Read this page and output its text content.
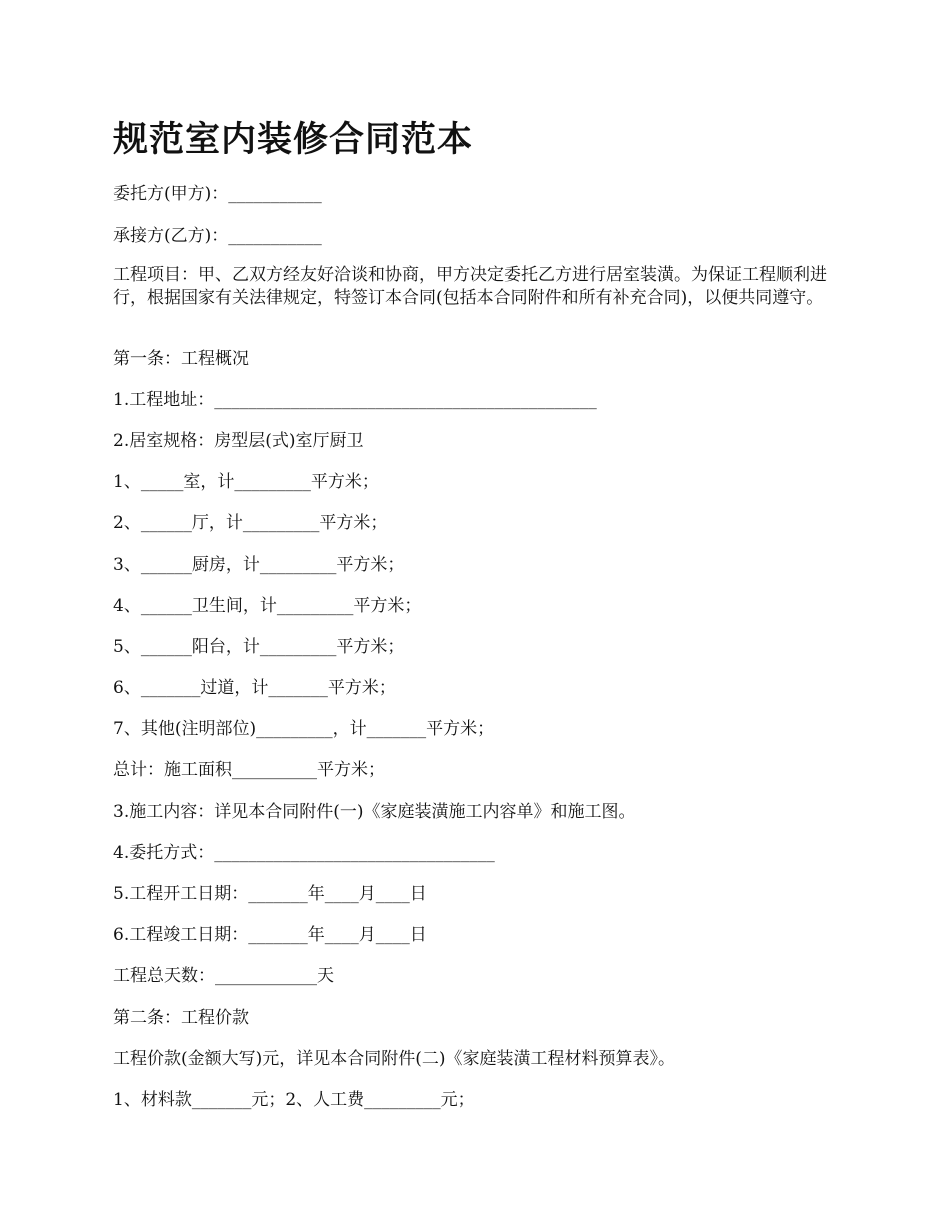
规范室内装修合同范本

委托方(甲方)：___________

承接方(乙方)：___________

工程项目：甲、乙双方经友好洽谈和协商，甲方决定委托乙方进行居室装潢。为保证工程顺利进行，根据国家有关法律规定，特签订本合同(包括本合同附件和所有补充合同)，以便共同遵守。

第一条：工程概况

1.工程地址：_____________________________________________

2.居室规格：房型层(式)室厅厨卫

1、_____室，计_________平方米；

2、______厅，计_________平方米；

3、______厨房，计_________平方米；

4、______卫生间，计_________平方米；

5、______阳台，计_________平方米；

6、_______过道，计_______平方米；

7、其他(注明部位)_________，计_______平方米；

总计：施工面积__________平方米；

3.施工内容：详见本合同附件(一)《家庭装潢施工内容单》和施工图。

4.委托方式：_________________________________

5.工程开工日期：_______年____月____日

6.工程竣工日期：_______年____月____日

工程总天数：____________天

第二条：工程价款

工程价款(金额大写)元，详见本合同附件(二)《家庭装潢工程材料预算表》。

1、材料款_______元；2、人工费_________元；
